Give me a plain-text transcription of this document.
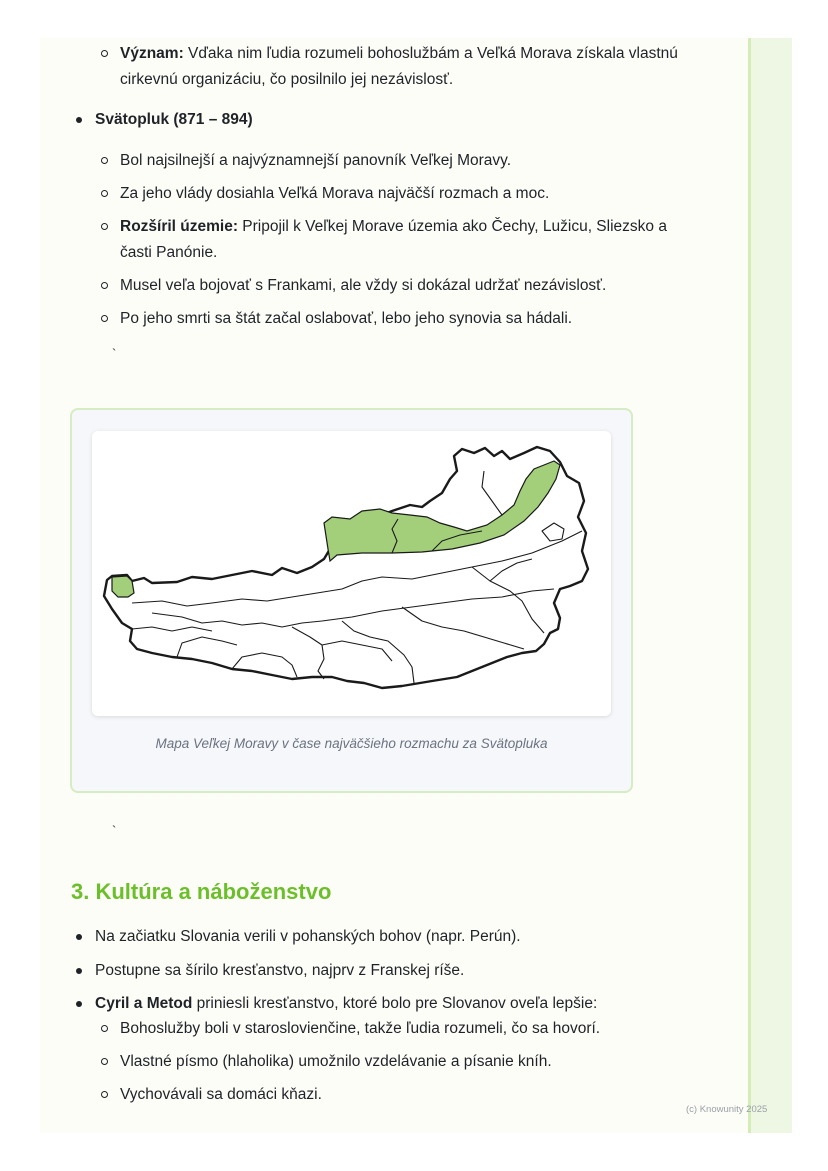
Význam: Vďaka nim ľudia rozumeli bohoslužbám a Veľká Morava získala vlastnú cirkevnú organizáciu, čo posilnilo jej nezávislosť.
Svätopluk (871 – 894)
Bol najsilnejší a najvýznamnejší panovník Veľkej Moravy.
Za jeho vlády dosiahla Veľká Morava najväčší rozmach a moc.
Rozšíril územie: Pripojil k Veľkej Morave územia ako Čechy, Lužicu, Sliezsko a časti Panónie.
Musel veľa bojovať s Frankami, ale vždy si dokázal udržať nezávislosť.
Po jeho smrti sa štát začal oslabovať, lebo jeho synovia sa hádali.
`
Mapa Veľkej Moravy v čase najväčšieho rozmachu za Svätopluka
`
3. Kultúra a náboženstvo
Na začiatku Slovania verili v pohanských bohov (napr. Perún).
Postupne sa šírilo kresťanstvo, najprv z Franskej ríše.
Cyril a Metod priniesli kresťanstvo, ktoré bolo pre Slovanov oveľa lepšie:
Bohoslužby boli v staroslovienčine, takže ľudia rozumeli, čo sa hovorí.
Vlastné písmo (hlaholika) umožnilo vzdelávanie a písanie kníh.
Vychovávali sa domáci kňazi.
(c) Knowunity 2025
